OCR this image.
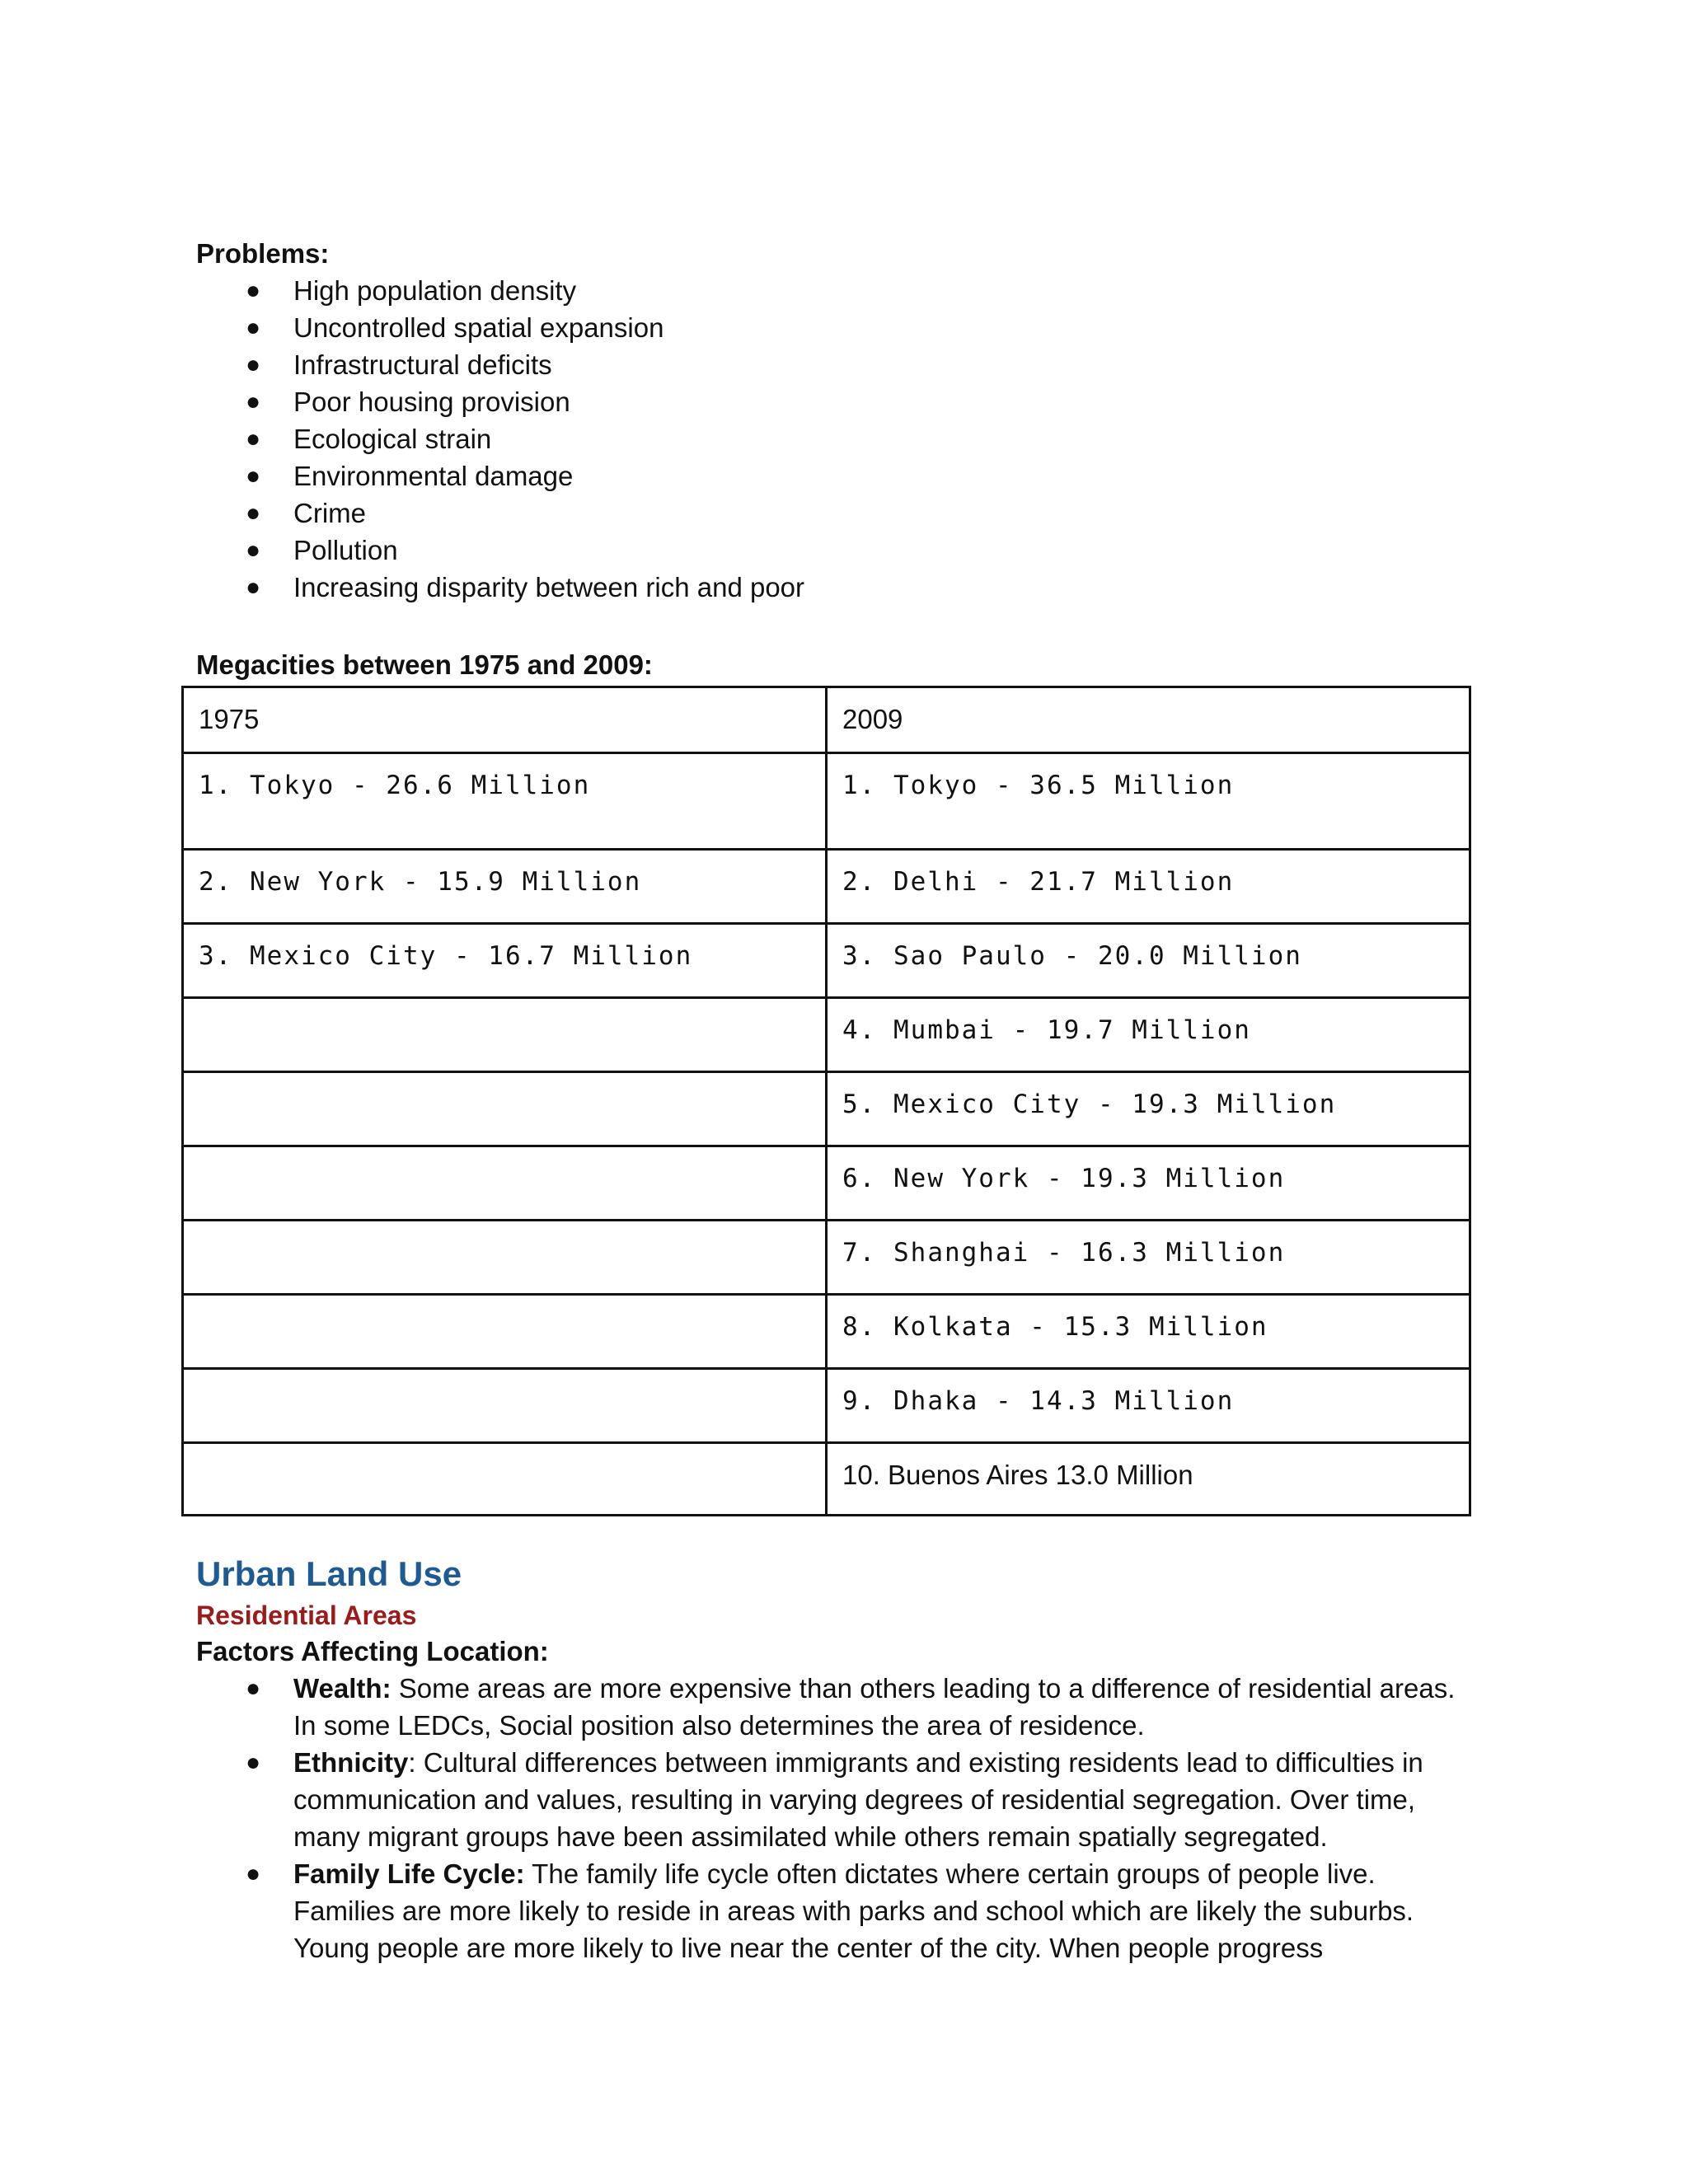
Problems:

● High population density
● Uncontrolled spatial expansion
● Infrastructural deficits
● Poor housing provision
● Ecological strain
● Environmental damage
● Crime
● Pollution
● Increasing disparity between rich and poor

Megacities between 1975 and 2009:

1975	2009
1. Tokyo - 26.6 Million	1. Tokyo - 36.5 Million
2. New York - 15.9 Million	2. Delhi - 21.7 Million
3. Mexico City - 16.7 Million	3. Sao Paulo - 20.0 Million
	4. Mumbai - 19.7 Million
	5. Mexico City - 19.3 Million
	6. New York - 19.3 Million
	7. Shanghai - 16.3 Million
	8. Kolkata - 15.3 Million
	9. Dhaka - 14.3 Million
	10. Buenos Aires 13.0 Million
Urban Land Use
Residential Areas

Factors Affecting Location:

● Wealth: Some areas are more expensive than others leading to a difference of residential areas. In some LEDCs, Social position also determines the area of residence.
● Ethnicity: Cultural differences between immigrants and existing residents lead to difficulties in communication and values, resulting in varying degrees of residential segregation. Over time, many migrant groups have been assimilated while others remain spatially segregated.
● Family Life Cycle: The family life cycle often dictates where certain groups of people live. Families are more likely to reside in areas with parks and school which are likely the suburbs. Young people are more likely to live near the center of the city. When people progress
